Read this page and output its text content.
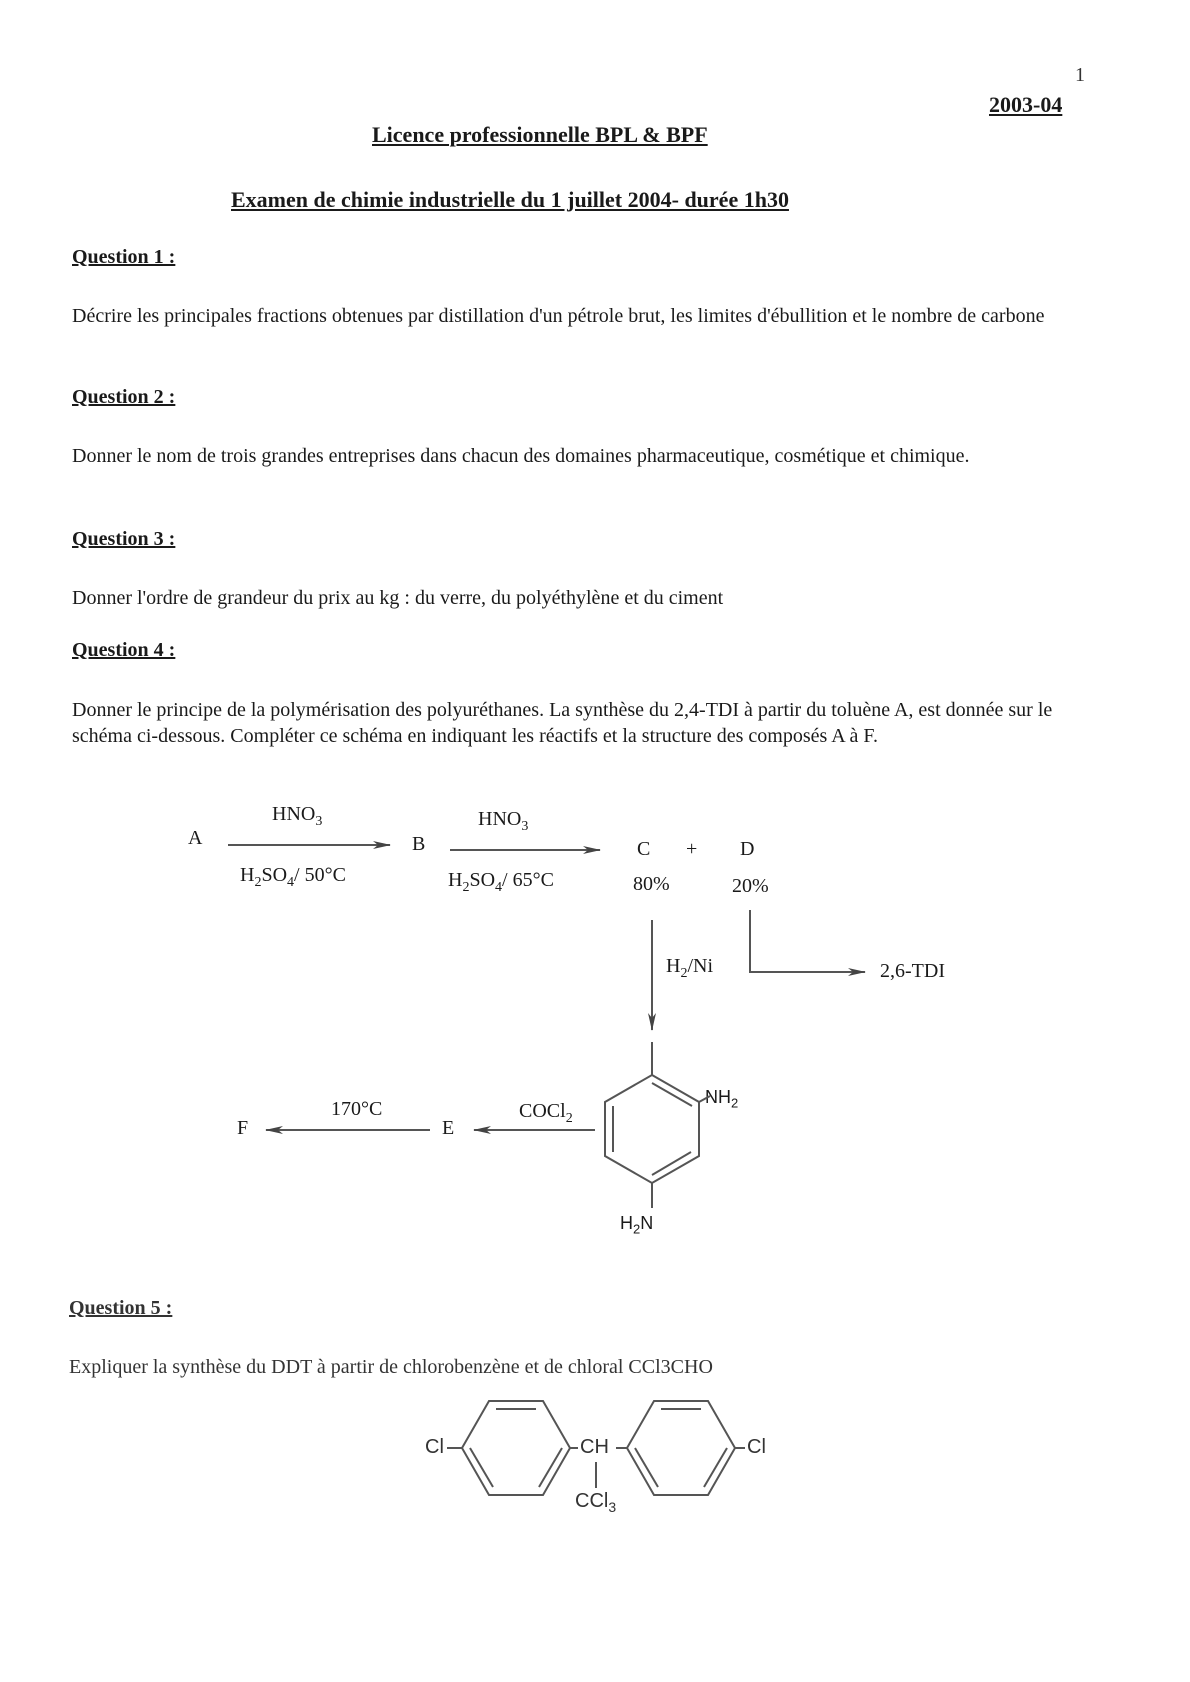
1
2003-04
Licence professionnelle BPL & BPF
Examen de chimie industrielle du 1 juillet 2004- durée 1h30
Question 1 :
Décrire les principales fractions obtenues par distillation d'un pétrole brut, les limites d'ébullition et le nombre de carbone
Question 2 :
Donner le nom de trois grandes entreprises dans chacun des domaines pharmaceutique, cosmétique et chimique.
Question 3 :
Donner l'ordre de grandeur du prix au kg : du verre, du polyéthylène et du ciment
Question 4 :
Donner le principe de la polymérisation des polyuréthanes. La synthèse du 2,4-TDI à partir du toluène A, est donnée sur le schéma ci-dessous. Compléter ce schéma en indiquant les réactifs et la structure des composés A à F.
A
$HNO_3$
$H_2SO_4/$ 50°C
B
$HNO_3$
$H_2SO_4/$ 65°C
C + D
80%	20%
$H_2/Ni$	2,6-TDI
170°C
F	E
COCl$_2$
$NH_2$
$H_2N$
Cl	CH	Cl
CCl$_3$
Question 5 :
Expliquer la synthèse du DDT à partir de chlorobenzène et de chloral CCl3CHO
